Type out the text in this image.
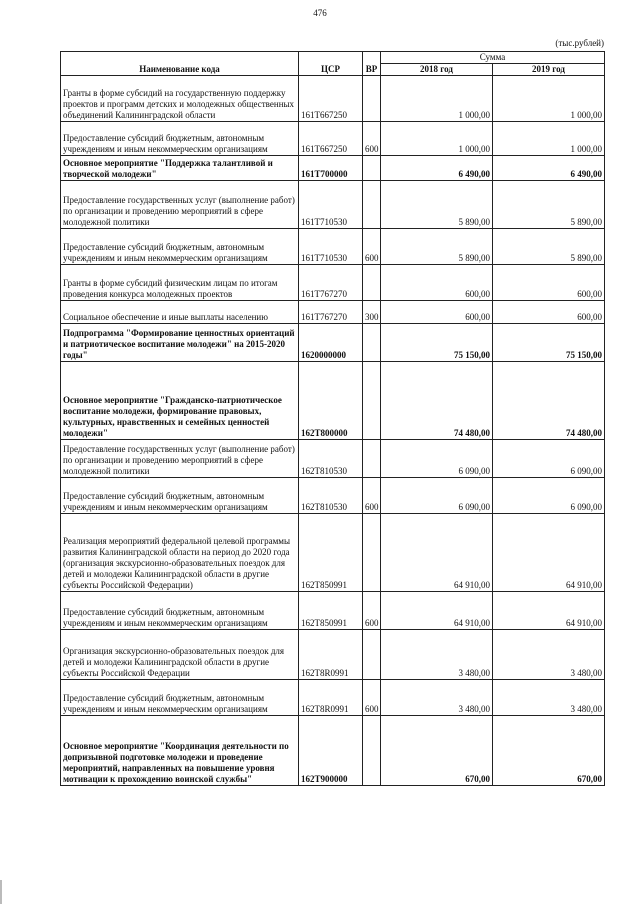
476
(тыс.рублей)
Наименование кода	ЦСР	ВР	Сумма	
			2018 год	2019 год
Гранты в форме субсидий на государственную поддержку проектов и программ детских и молодежных общественных объединений Калининградской области	161Т667250		1 000,00	1 000,00
Предоставление субсидий бюджетным, автономным учреждениям и иным некоммерческим организациям	161Т667250	600	1 000,00	1 000,00
Основное мероприятие "Поддержка талантливой и творческой молодежи"	161Т700000		6 490,00	6 490,00
Предоставление государственных услуг (выполнение работ) по организации и проведению мероприятий в сфере молодежной политики	161Т710530		5 890,00	5 890,00
Предоставление субсидий бюджетным, автономным учреждениям и иным некоммерческим организациям	161Т710530	600	5 890,00	5 890,00
Гранты в форме субсидий физическим лицам по итогам проведения конкурса молодежных проектов	161Т767270		600,00	600,00
Социальное обеспечение и иные выплаты населению	161Т767270	300	600,00	600,00
Подпрограмма "Формирование ценностных ориентаций и патриотическое воспитание молодежи" на 2015-2020 годы"	1620000000		75 150,00	75 150,00
Основное мероприятие "Гражданско-патриотическое воспитание молодежи, формирование правовых, культурных, нравственных и семейных ценностей молодежи"	162Т800000		74 480,00	74 480,00
Предоставление государственных услуг (выполнение работ) по организации и проведению мероприятий в сфере молодежной политики	162Т810530		6 090,00	6 090,00
Предоставление субсидий бюджетным, автономным учреждениям и иным некоммерческим организациям	162Т810530	600	6 090,00	6 090,00
Реализация мероприятий федеральной целевой программы развития Калининградской области на период до 2020 года (организация экскурсионно-образовательных поездок для детей и молодежи Калининградской области в другие субъекты Российской Федерации)	162Т850991		64 910,00	64 910,00
Предоставление субсидий бюджетным, автономным учреждениям и иным некоммерческим организациям	162Т850991	600	64 910,00	64 910,00
Организация экскурсионно-образовательных поездок для детей и молодежи Калининградской области в другие субъекты Российской Федерации	162Т8R0991		3 480,00	3 480,00
Предоставление субсидий бюджетным, автономным учреждениям и иным некоммерческим организациям	162Т8R0991	600	3 480,00	3 480,00
Основное мероприятие "Координация деятельности по допризывной подготовке молодежи и проведение мероприятий, направленных на повышение уровня мотивации к прохождению воинской службы"	162Т900000		670,00	670,00
